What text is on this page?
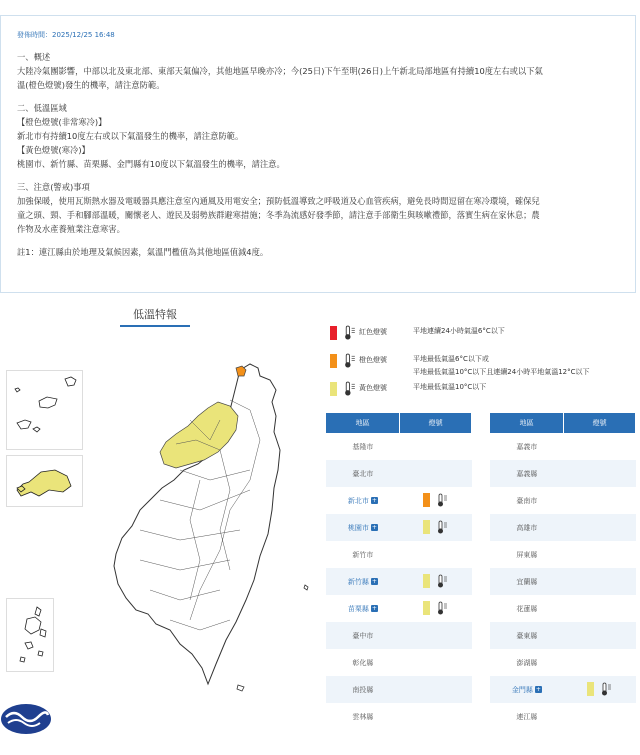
發佈時間：2025/12/25 16:48

一、概述

大陸冷氣團影響，中部以北及東北部、東部天氣偏冷，其他地區早晚亦冷；今(25日)下午至明(26日)上午新北局部地區有持續10度左右或以下氣

溫(橙色燈號)發生的機率，請注意防範。

二、低溫區域

【橙色燈號(非常寒冷)】

新北市有持續10度左右或以下氣溫發生的機率，請注意防範。

【黃色燈號(寒冷)】

桃園市、新竹縣、苗栗縣、金門縣有10度以下氣溫發生的機率，請注意。

三、注意(警戒)事項

加強保暖，使用瓦斯熱水器及電暖器具應注意室內通風及用電安全；預防低溫導致之呼吸道及心血管疾病，避免長時間逗留在寒冷環境，確保兒

童之頭、頸、手和腳部溫暖，關懷老人、遊民及弱勢族群避寒措施；冬季為流感好發季節，請注意手部衛生與咳嗽禮節，落實生病在家休息；農

作物及水產養殖業注意寒害。

註1：連江縣由於地理及氣候因素，氣溫門檻值為其他地區值減4度。

低溫特報
紅色燈號	平地連續24小時氣溫6°C以下
橙色燈號	平地最低氣溫6°C以下或
平地最低氣溫10°C以下且連續24小時平地氣溫12°C以下
黃色燈號	平地最低氣溫10°C以下
地區	燈號
基隆市	
臺北市	
新北市 +	

桃園市 +	

新竹市	
新竹縣 +	

苗栗縣 +	

臺中市	
彰化縣	
南投縣	
雲林縣	
地區	燈號
嘉義市	
嘉義縣	
臺南市	
高雄市	
屏東縣	
宜蘭縣	
花蓮縣	
臺東縣	
澎湖縣	
金門縣 +	

連江縣	
